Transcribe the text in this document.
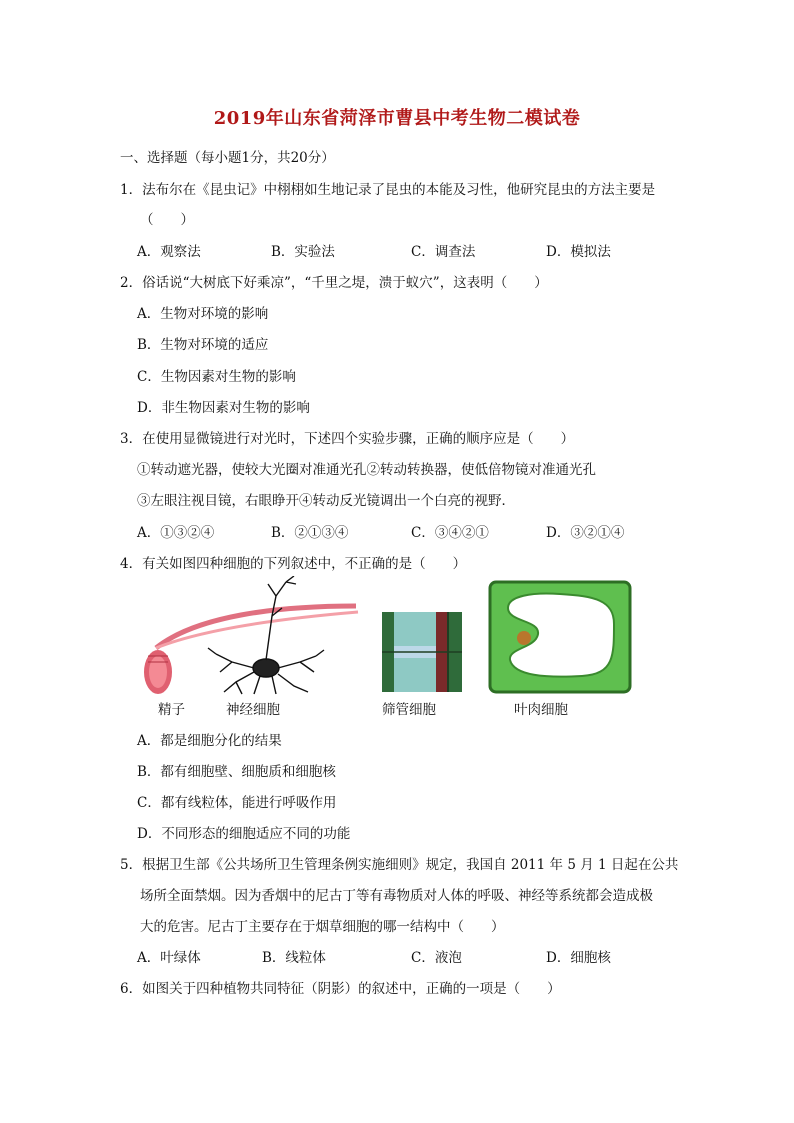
2019年山东省菏泽市曹县中考生物二模试卷
一、选择题（每小题1分，共20分）
1．法布尔在《昆虫记》中栩栩如生地记录了昆虫的本能及习性，他研究昆虫的方法主要是
（　　）
A．观察法	B．实验法	C．调查法	D．模拟法
2．俗话说“大树底下好乘凉”，“千里之堤，溃于蚁穴”，这表明（　　）
A．生物对环境的影响
B．生物对环境的适应
C．生物因素对生物的影响
D．非生物因素对生物的影响
3．在使用显微镜进行对光时，下述四个实验步骤，正确的顺序应是（　　）
①转动遮光器，使较大光圈对准通光孔②转动转换器，使低倍物镜对准通光孔
③左眼注视目镜，右眼睁开④转动反光镜调出一个白亮的视野．
A．①③②④	B．②①③④	C．③④②①	D．③②①④
4．有关如图四种细胞的下列叙述中，不正确的是（　　）
精子	神经细胞	筛管细胞	叶肉细胞
A．都是细胞分化的结果
B．都有细胞壁、细胞质和细胞核
C．都有线粒体，能进行呼吸作用
D．不同形态的细胞适应不同的功能
5．根据卫生部《公共场所卫生管理条例实施细则》规定，我国自 2011 年 5 月 1 日起在公共
场所全面禁烟。因为香烟中的尼古丁等有毒物质对人体的呼吸、神经等系统都会造成极
大的危害。尼古丁主要存在于烟草细胞的哪一结构中（　　）
A．叶绿体	B．线粒体	C．液泡	D．细胞核
6．如图关于四种植物共同特征（阴影）的叙述中，正确的一项是（　　）
